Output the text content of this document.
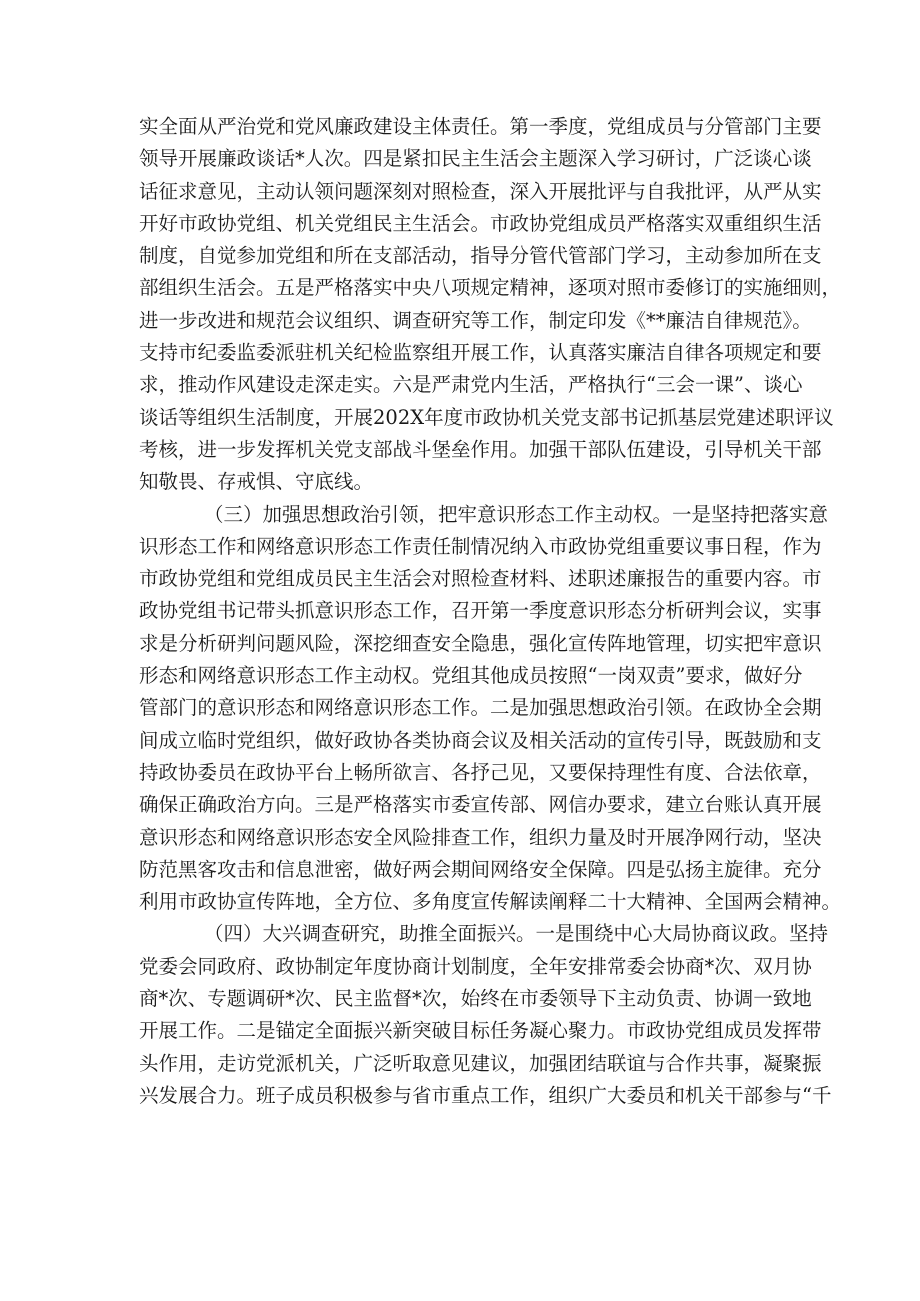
实全面从严治党和党风廉政建设主体责任。第一季度，党组成员与分管部门主要
领导开展廉政谈话*人次。四是紧扣民主生活会主题深入学习研讨，广泛谈心谈
话征求意见，主动认领问题深刻对照检查，深入开展批评与自我批评，从严从实
开好市政协党组、机关党组民主生活会。市政协党组成员严格落实双重组织生活
制度，自觉参加党组和所在支部活动，指导分管代管部门学习，主动参加所在支
部组织生活会。五是严格落实中央八项规定精神，逐项对照市委修订的实施细则，
进一步改进和规范会议组织、调查研究等工作，制定印发《**廉洁自律规范》。
支持市纪委监委派驻机关纪检监察组开展工作，认真落实廉洁自律各项规定和要
求，推动作风建设走深走实。六是严肃党内生活，严格执行“三会一课”、谈心
谈话等组织生活制度，开展202X年度市政协机关党支部书记抓基层党建述职评议
考核，进一步发挥机关党支部战斗堡垒作用。加强干部队伍建设，引导机关干部
知敬畏、存戒惧、守底线。
（三）加强思想政治引领，把牢意识形态工作主动权。一是坚持把落实意
识形态工作和网络意识形态工作责任制情况纳入市政协党组重要议事日程，作为
市政协党组和党组成员民主生活会对照检查材料、述职述廉报告的重要内容。市
政协党组书记带头抓意识形态工作，召开第一季度意识形态分析研判会议，实事
求是分析研判问题风险，深挖细查安全隐患，强化宣传阵地管理，切实把牢意识
形态和网络意识形态工作主动权。党组其他成员按照“一岗双责”要求，做好分
管部门的意识形态和网络意识形态工作。二是加强思想政治引领。在政协全会期
间成立临时党组织，做好政协各类协商会议及相关活动的宣传引导，既鼓励和支
持政协委员在政协平台上畅所欲言、各抒己见，又要保持理性有度、合法依章，
确保正确政治方向。三是严格落实市委宣传部、网信办要求，建立台账认真开展
意识形态和网络意识形态安全风险排查工作，组织力量及时开展净网行动，坚决
防范黑客攻击和信息泄密，做好两会期间网络安全保障。四是弘扬主旋律。充分
利用市政协宣传阵地，全方位、多角度宣传解读阐释二十大精神、全国两会精神。
（四）大兴调查研究，助推全面振兴。一是围绕中心大局协商议政。坚持
党委会同政府、政协制定年度协商计划制度，全年安排常委会协商*次、双月协
商*次、专题调研*次、民主监督*次，始终在市委领导下主动负责、协调一致地
开展工作。二是锚定全面振兴新突破目标任务凝心聚力。市政协党组成员发挥带
头作用，走访党派机关，广泛听取意见建议，加强团结联谊与合作共事，凝聚振
兴发展合力。班子成员积极参与省市重点工作，组织广大委员和机关干部参与“千
